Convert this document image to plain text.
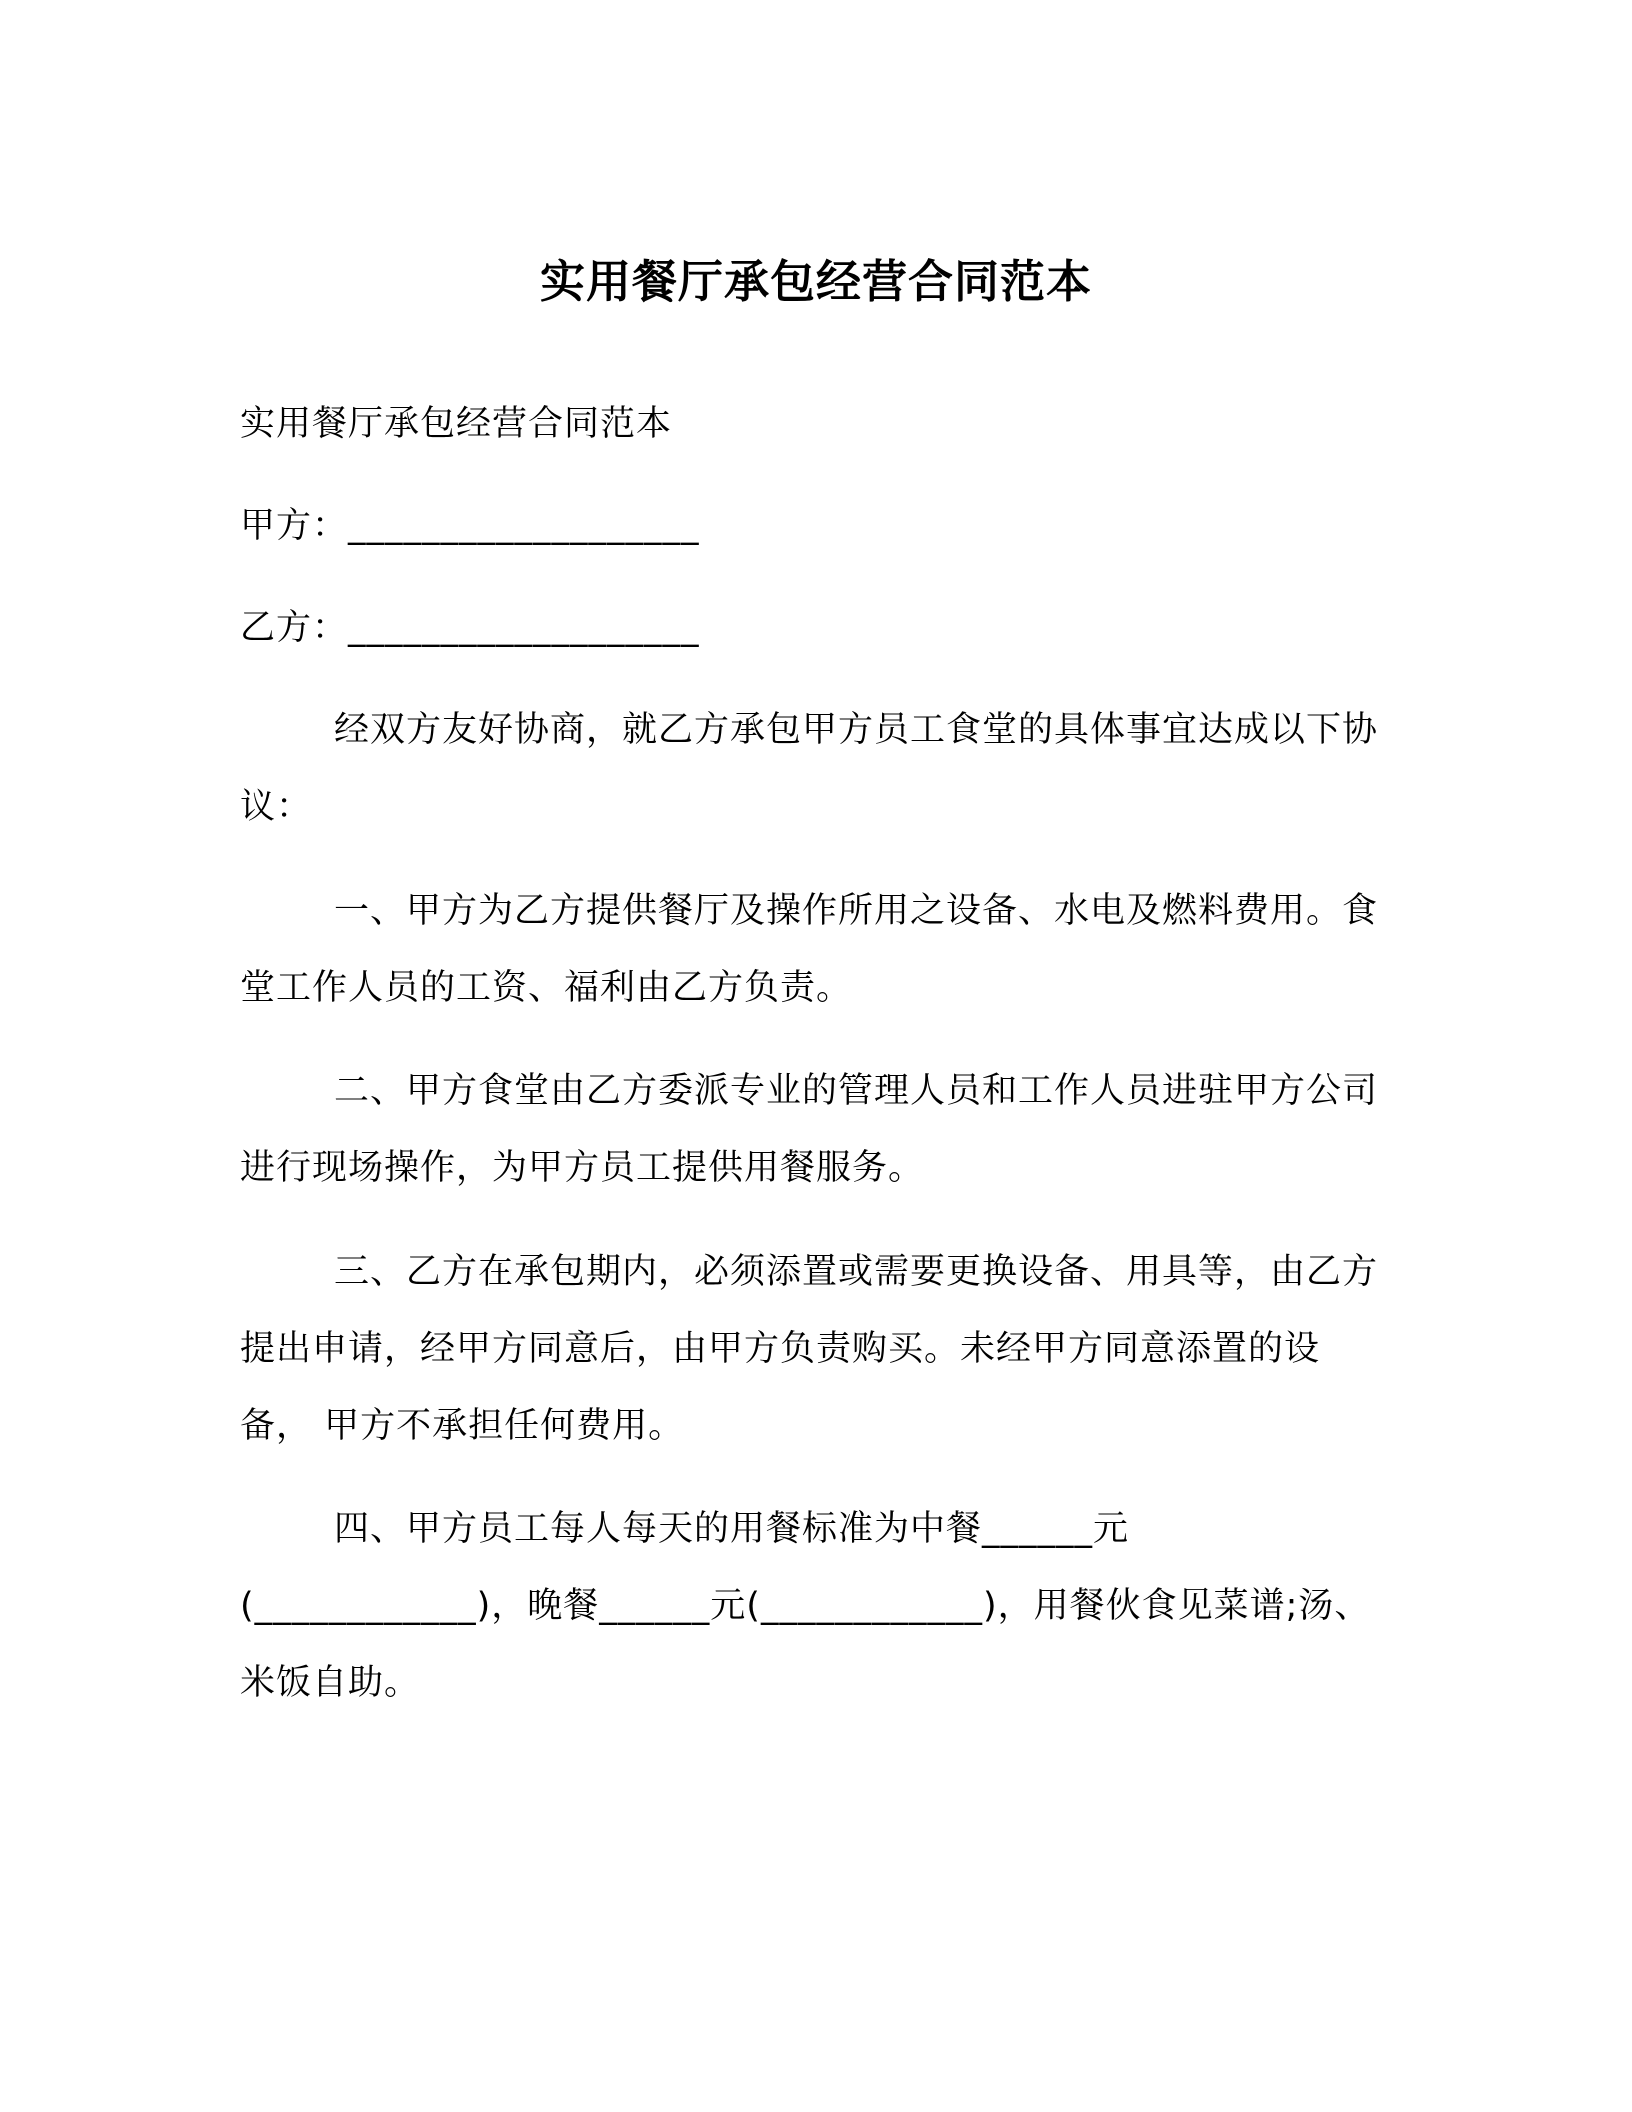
实用餐厅承包经营合同范本

实用餐厅承包经营合同范本

甲方：___________________

乙方：___________________

经双方友好协商，就乙方承包甲方员工食堂的具体事宜达成以下协议：

一、甲方为乙方提供餐厅及操作所用之设备、水电及燃料费用。食堂工作人员的工资、福利由乙方负责。

二、甲方食堂由乙方委派专业的管理人员和工作人员进驻甲方公司进行现场操作，为甲方员工提供用餐服务。

三、乙方在承包期内，必须添置或需要更换设备、用具等，由乙方提出申请，经甲方同意后，由甲方负责购买。未经甲方同意添置的设备， 甲方不承担任何费用。

四、甲方员工每人每天的用餐标准为中餐______元(____________)，晚餐______元(____________)，用餐伙食见菜谱;汤、米饭自助。
